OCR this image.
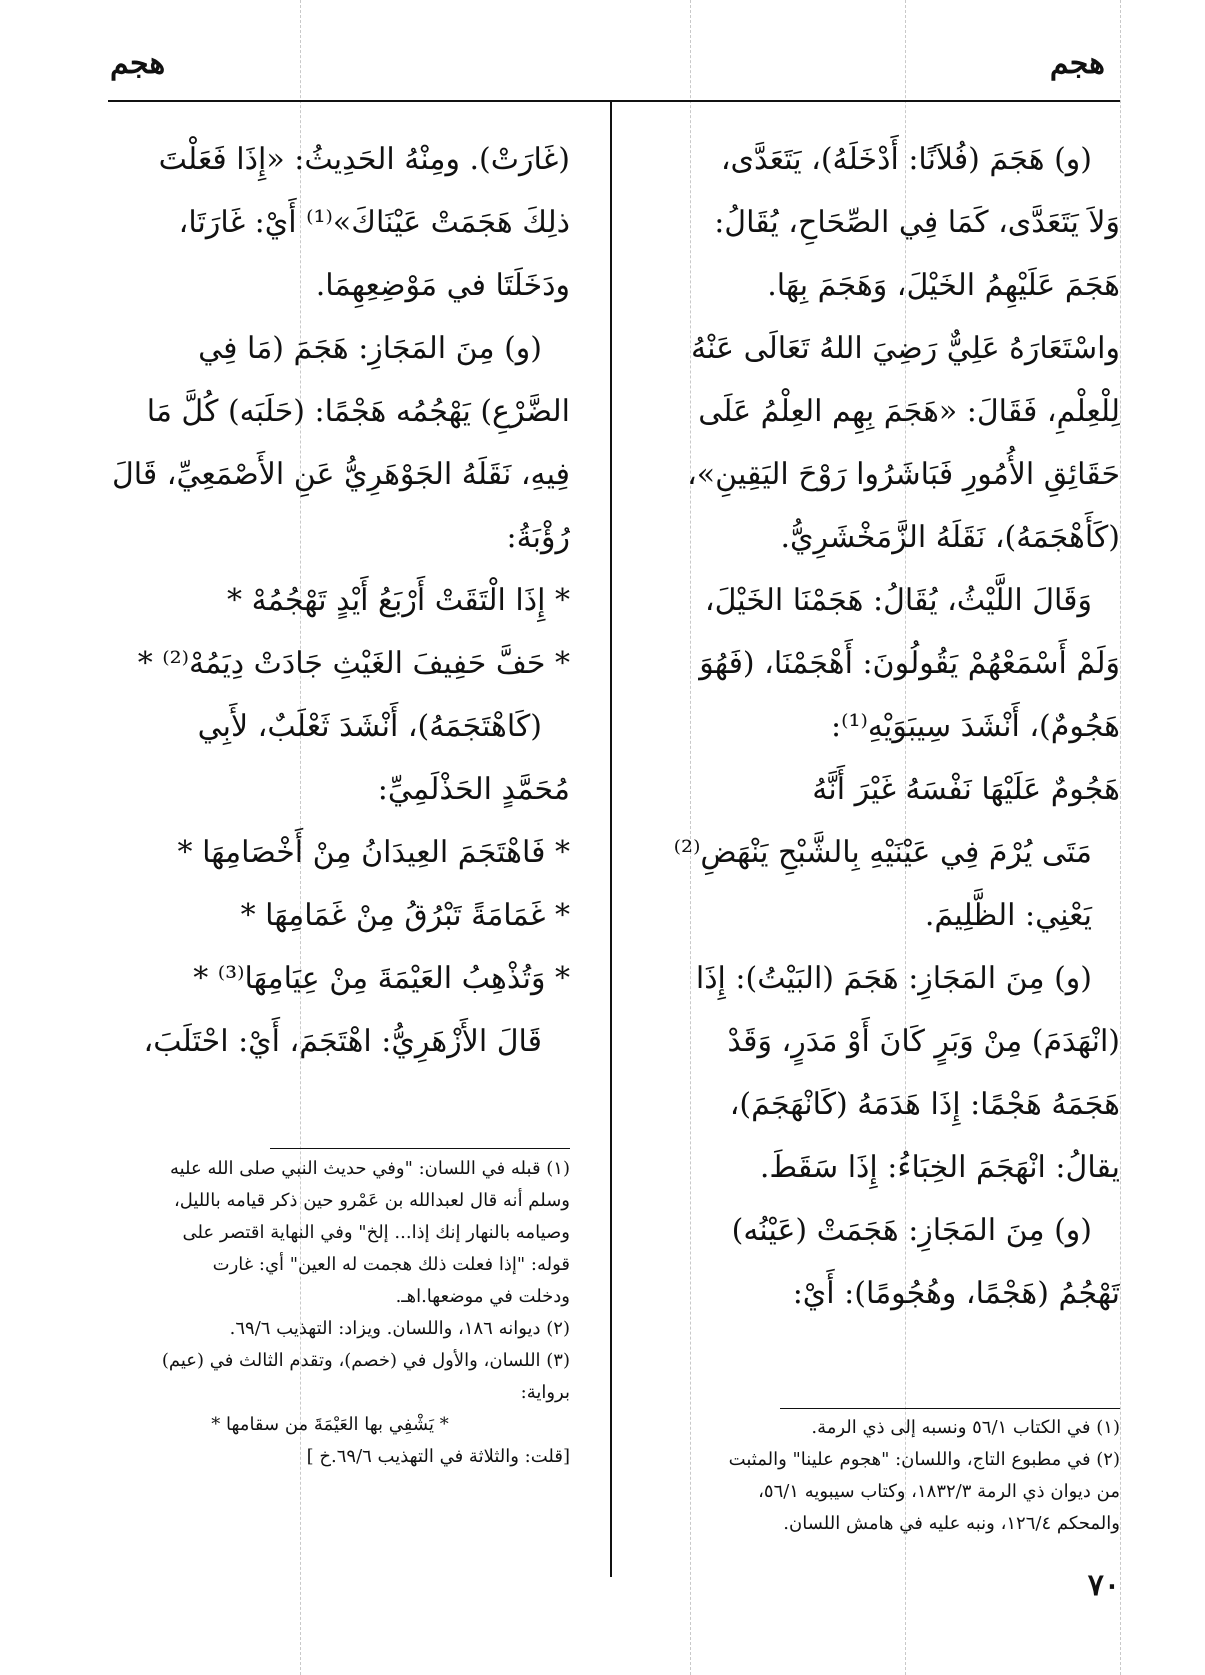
هجم
هجم
(و) هَجَمَ (فُلاَنًا: أَدْخَلَهُ)، يَتَعَدَّى،
وَلاَ يَتَعَدَّى، كَمَا فِي الصِّحَاحِ، يُقَالُ:
هَجَمَ عَلَيْهِمُ الخَيْلَ، وَهَجَمَ بِهَا.
واسْتَعَارَهُ عَلِيٌّ رَضِيَ اللهُ تَعَالَى عَنْهُ
لِلْعِلْمِ، فَقَالَ: «هَجَمَ بِهِم العِلْمُ عَلَى
حَقَائِقِ الأُمُورِ فَبَاشَرُوا رَوْحَ اليَقِينِ»،
(كَأَهْجَمَهُ)، نَقَلَهُ الزَّمَخْشَرِيُّ.
وَقَالَ اللَّيْثُ، يُقَالُ: هَجَمْنَا الخَيْلَ،
وَلَمْ أَسْمَعْهُمْ يَقُولُونَ: أَهْجَمْنَا، (فَهُوَ
هَجُومٌ)، أَنْشَدَ سِيبَوَيْهِ⁽¹⁾:
هَجُومٌ عَلَيْهَا نَفْسَهُ غَيْرَ أَنَّهُ
مَتَى يُرْمَ فِي عَيْنَيْهِ بِالشَّبْحِ يَنْهَضِ⁽²⁾
يَعْنِي: الظَّلِيمَ.
(و) مِنَ المَجَازِ: هَجَمَ (البَيْتُ): إِذَا
(انْهَدَمَ) مِنْ وَبَرٍ كَانَ أَوْ مَدَرٍ، وَقَدْ
هَجَمَهُ هَجْمًا: إِذَا هَدَمَهُ (كَانْهَجَمَ)،
يقالُ: انْهَجَمَ الخِبَاءُ: إِذَا سَقَطَ.
(و) مِنَ المَجَازِ: هَجَمَتْ (عَيْنُه)
تَهْجُمُ (هَجْمًا، وهُجُومًا): أَيْ:
(غَارَتْ). ومِنْهُ الحَدِيثُ: «إِذَا فَعَلْتَ
ذلِكَ هَجَمَتْ عَيْنَاكَ»⁽¹⁾ أَيْ: غَارَتَا،
ودَخَلَتَا في مَوْضِعِهِمَا.
(و) مِنَ المَجَازِ: هَجَمَ (مَا فِي
الضَّرْعِ) يَهْجُمُه هَجْمًا: (حَلَبَه) كُلَّ مَا
فِيهِ، نَقَلَهُ الجَوْهَرِيُّ عَنِ الأَصْمَعِيِّ، قَالَ
رُؤْبَةُ:
* إِذَا الْتَقَتْ أَرْبَعُ أَيْدٍ تَهْجُمُهْ *
* حَفَّ حَفِيفَ الغَيْثِ جَادَتْ دِيَمُهْ⁽²⁾ *
(كَاهْتَجَمَهُ)، أَنْشَدَ ثَعْلَبٌ، لأَبِي
مُحَمَّدٍ الحَذْلَمِيِّ:
* فَاهْتَجَمَ العِيدَانُ مِنْ أَخْصَامِهَا *
* غَمَامَةً تَبْرُقُ مِنْ غَمَامِهَا *
* وَتُذْهِبُ العَيْمَةَ مِنْ عِيَامِهَا⁽³⁾ *
قَالَ الأَزْهَرِيُّ: اهْتَجَمَ، أَيْ: احْتَلَبَ،
(١) في الكتاب ٥٦/١ ونسبه إلى ذي الرمة.
(٢) في مطبوع التاج، واللسان: "هجوم علينا" والمثبت
من ديوان ذي الرمة ١٨٣٢/٣، وكتاب سيبويه ٥٦/١،
والمحكم ١٢٦/٤، ونبه عليه في هامش اللسان.
(١) قبله في اللسان: "وفي حديث النبي صلى الله عليه
وسلم أنه قال لعبدالله بن عَمْرو حين ذكر قيامه بالليل،
وصيامه بالنهار إنك إذا... إلخ" وفي النهاية اقتصر على
قوله: "إذا فعلت ذلك هجمت له العين" أي: غارت
ودخلت في موضعها.اهـ.
(٢) ديوانه ١٨٦، واللسان. ويزاد: التهذيب ٦٩/٦.
(٣) اللسان، والأول في (خصم)، وتقدم الثالث في (عيم)
برواية:
* يَشْفِي بها العَيْمَةَ من سقامها *
[قلت: والثلاثة في التهذيب ٦٩/٦.خ ]
٧٠
